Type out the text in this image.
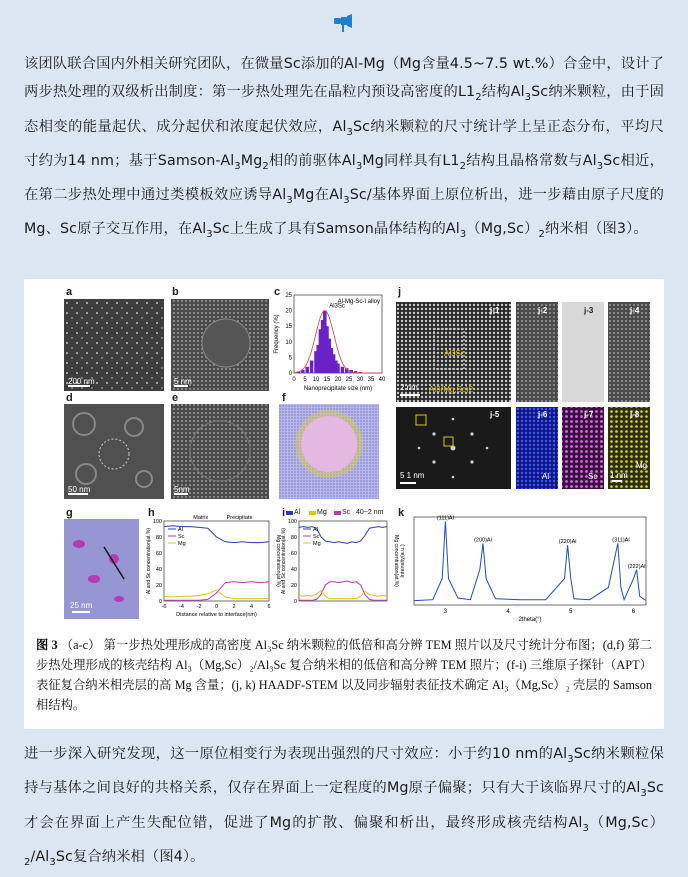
该团队联合国内外相关研究团队，在微量Sc添加的Al-Mg（Mg含量4.5~7.5 wt.%）合金中，设计了两步热处理的双级析出制度：第一步热处理先在晶粒内预设高密度的$L1_2$结构$Al_3Sc$纳米颗粒，由于固态相变的能量起伏、成分起伏和浓度起伏效应，$Al_3Sc$纳米颗粒的尺寸统计学上呈正态分布，平均尺寸约为14 nm；基于Samson-$Al_3Mg_2$相的前驱体$Al_3Mg$同样具有$L1_2$结构且晶格常数与$Al_3Sc$相近，在第二步热处理中通过类模板效应诱导$Al_3Mg$在$Al_3Sc/$基体界面上原位析出，进一步藉由原子尺度的Mg、Sc原子交互作用，在$Al_3Sc$上生成了具有Samson晶体结构的$Al_3(Mg,Sc)_2$纳米相（图3）。

a	b	c
d	e	f
g	h	i
j
k
200 nm	5 nm
50 nm	5nm
25 nm
2 nm
5 1 nm	1 nm
j-1	j-2	j-3	j-4
j-5	j-6	j-7	j-8
Al3Sc
Al3(Mg,Sc)2
Al	Sc
Mg
Al Mg Sc 40~2 nm
0 5 10 15 20 25 30 35 40
0
5
10
15
20
25
Nanoprecipitate size (nm)
Frequency (%)
Al-Mg-Sc-I alloy
Al3Sc
0
20
40
60
80
100
-6 -4 -2 0	2	4	6
Al
Sc
Mg
Al and Sc concentration(at.%)
Distance relative to interface(nm)
Matrix	Precipitate
Mg concentration(at.%)
0
20
40
60
80
100
Al
Sc
Mg
Al and Sc concentration(at.%)	Mg concentration(at.%)
3	4	5	6
2theta(°)
Intensity(a.u.)
(111)Al
(200)Al	(220)Al	(311)Al
(222)Al
图 3 （a-c） 第一步热处理形成的高密度 Al₃Sc 纳米颗粒的低倍和高分辨 TEM 照片以及尺寸统计分布图；(d,f) 第二步热处理形成的核壳结构 Al₃（Mg,Sc）₂/Al₃Sc 复合纳米相的低倍和高分辨 TEM 照片；(f-i) 三维原子探针（APT）表征复合纳米相壳层的高 Mg 含量；(j, k) HAADF-STEM 以及同步辐射表征技术确定 Al₃（Mg,Sc）₂ 壳层的 Samson 相结构。

进一步深入研究发现，这一原位相变行为表现出强烈的尺寸效应：小于约10 nm的$Al_3Sc$纳米颗粒保持与基体之间良好的共格关系，仅存在界面上一定程度的Mg原子偏聚；只有大于该临界尺寸的$Al_3Sc$才会在界面上产生失配位错，促进了Mg的扩散、偏聚和析出，最终形成核壳结构$Al_3(Mg,Sc)_2/Al_3Sc$复合纳米相（图4）。
